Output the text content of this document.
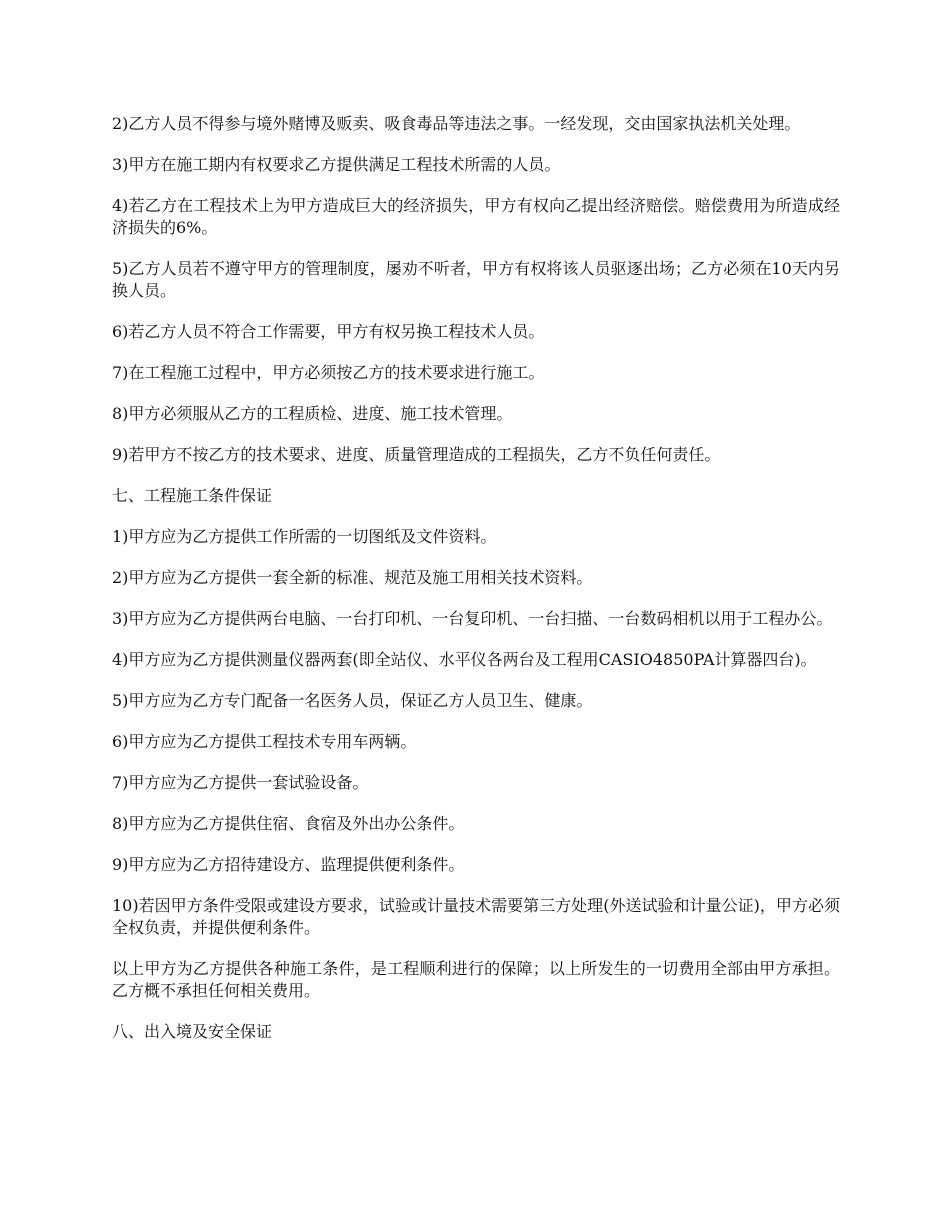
2)乙方人员不得参与境外赌博及贩卖、吸食毒品等违法之事。一经发现，交由国家执法机关处理。

3)甲方在施工期内有权要求乙方提供满足工程技术所需的人员。

4)若乙方在工程技术上为甲方造成巨大的经济损失，甲方有权向乙提出经济赔偿。赔偿费用为所造成经济损失的6%。

5)乙方人员若不遵守甲方的管理制度，屡劝不听者，甲方有权将该人员驱逐出场；乙方必须在10天内另换人员。

6)若乙方人员不符合工作需要，甲方有权另换工程技术人员。

7)在工程施工过程中，甲方必须按乙方的技术要求进行施工。

8)甲方必须服从乙方的工程质检、进度、施工技术管理。

9)若甲方不按乙方的技术要求、进度、质量管理造成的工程损失，乙方不负任何责任。

七、工程施工条件保证

1)甲方应为乙方提供工作所需的一切图纸及文件资料。

2)甲方应为乙方提供一套全新的标准、规范及施工用相关技术资料。

3)甲方应为乙方提供两台电脑、一台打印机、一台复印机、一台扫描、一台数码相机以用于工程办公。

4)甲方应为乙方提供测量仪器两套(即全站仪、水平仪各两台及工程用CASIO4850PA计算器四台)。

5)甲方应为乙方专门配备一名医务人员，保证乙方人员卫生、健康。

6)甲方应为乙方提供工程技术专用车两辆。

7)甲方应为乙方提供一套试验设备。

8)甲方应为乙方提供住宿、食宿及外出办公条件。

9)甲方应为乙方招待建设方、监理提供便利条件。

10)若因甲方条件受限或建设方要求，试验或计量技术需要第三方处理(外送试验和计量公证)，甲方必须全权负责，并提供便利条件。

以上甲方为乙方提供各种施工条件，是工程顺利进行的保障；以上所发生的一切费用全部由甲方承担。乙方概不承担任何相关费用。

八、出入境及安全保证
